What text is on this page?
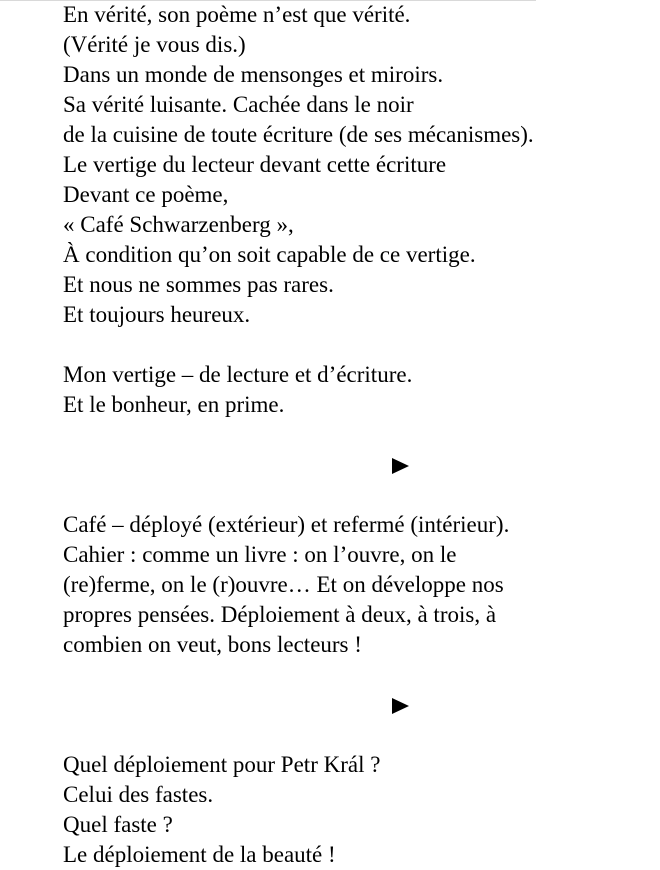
En vérité, son poème n’est que vérité.
(Vérité je vous dis.)
Dans un monde de mensonges et miroirs.
Sa vérité luisante. Cachée dans le noir
de la cuisine de toute écriture (de ses mécanismes).
Le vertige du lecteur devant cette écriture
Devant ce poème,
« Café Schwarzenberg »,
À condition qu’on soit capable de ce vertige.
Et nous ne sommes pas rares.
Et toujours heureux.
Mon vertige – de lecture et d’écriture.
Et le bonheur, en prime.
Café – déployé (extérieur) et refermé (intérieur).
Cahier : comme un livre : on l’ouvre, on le
(re)ferme, on le (r)ouvre… Et on développe nos
propres pensées. Déploiement à deux, à trois, à
combien on veut, bons lecteurs !
Quel déploiement pour Petr Král ?
Celui des fastes.
Quel faste ?
Le déploiement de la beauté !
